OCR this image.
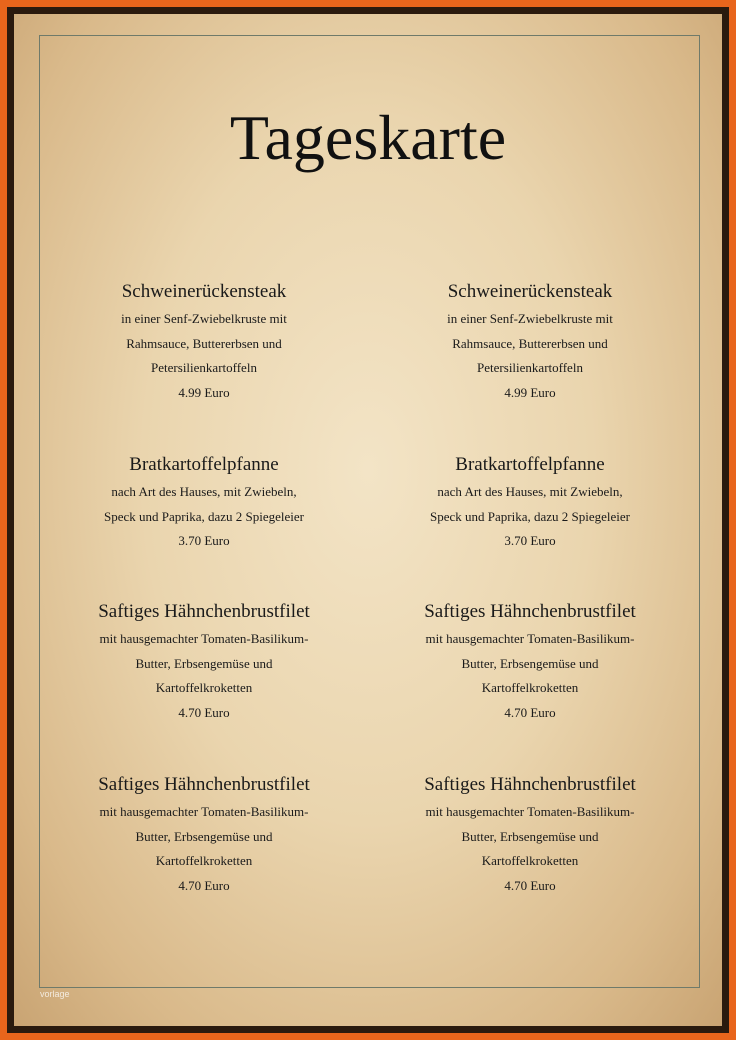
Tageskarte
Schweinerückensteak
in einer Senf-Zwiebelkruste mit
Rahmsauce, Buttererbsen und
Petersilienkartoffeln
4.99 Euro
Schweinerückensteak
in einer Senf-Zwiebelkruste mit
Rahmsauce, Buttererbsen und
Petersilienkartoffeln
4.99 Euro
Bratkartoffelpfanne
nach Art des Hauses, mit Zwiebeln,
Speck und Paprika, dazu 2 Spiegeleier
3.70 Euro
Bratkartoffelpfanne
nach Art des Hauses, mit Zwiebeln,
Speck und Paprika, dazu 2 Spiegeleier
3.70 Euro
Saftiges Hähnchenbrustfilet
mit hausgemachter Tomaten-Basilikum-
Butter, Erbsengemüse und
Kartoffelkroketten
4.70 Euro
Saftiges Hähnchenbrustfilet
mit hausgemachter Tomaten-Basilikum-
Butter, Erbsengemüse und
Kartoffelkroketten
4.70 Euro
Saftiges Hähnchenbrustfilet
mit hausgemachter Tomaten-Basilikum-
Butter, Erbsengemüse und
Kartoffelkroketten
4.70 Euro
Saftiges Hähnchenbrustfilet
mit hausgemachter Tomaten-Basilikum-
Butter, Erbsengemüse und
Kartoffelkroketten
4.70 Euro
vorlage
